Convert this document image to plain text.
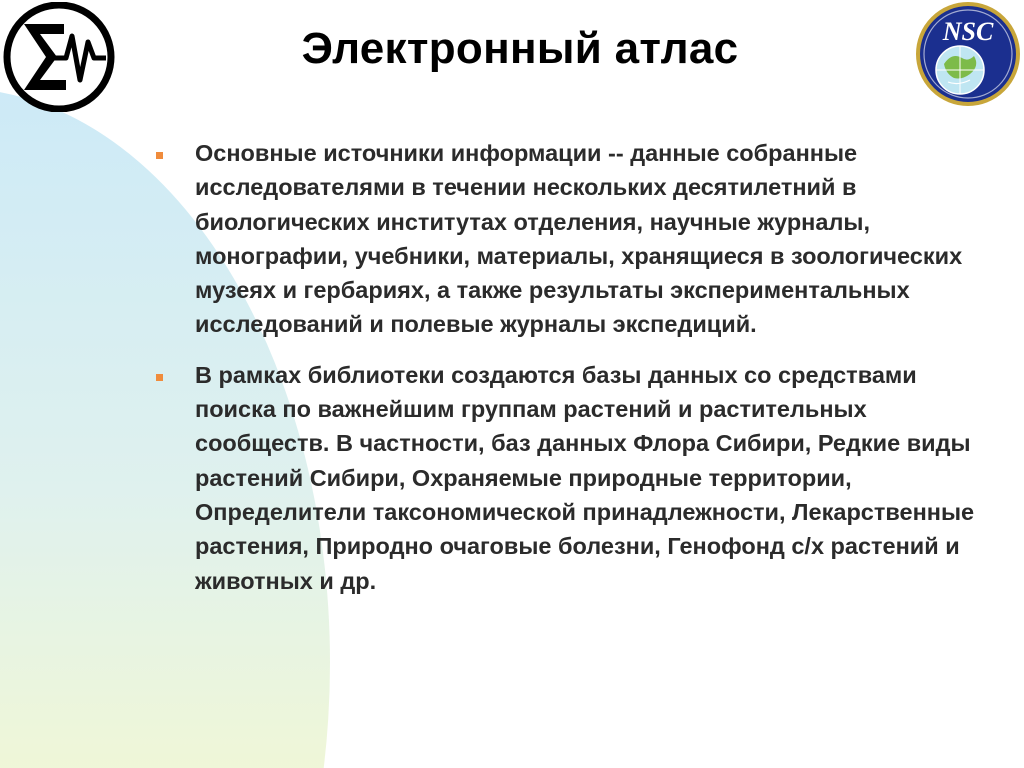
Электронный атлас	NSC
Основные источники информации -- данные собранные исследователями в течении нескольких десятилетний в биологических институтах отделения, научные журналы, монографии, учебники, материалы, хранящиеся в зоологических музеях и гербариях, а также результаты экспериментальных исследований и полевые журналы экспедиций.
В рамках библиотеки создаются базы данных со средствами поиска по важнейшим группам растений и растительных сообществ. В частности, баз данных Флора Сибири, Редкие виды растений Сибири, Охраняемые природные территории, Определители таксономической принадлежности, Лекарственные растения, Природно очаговые болезни, Генофонд с/х растений и животных и др.
